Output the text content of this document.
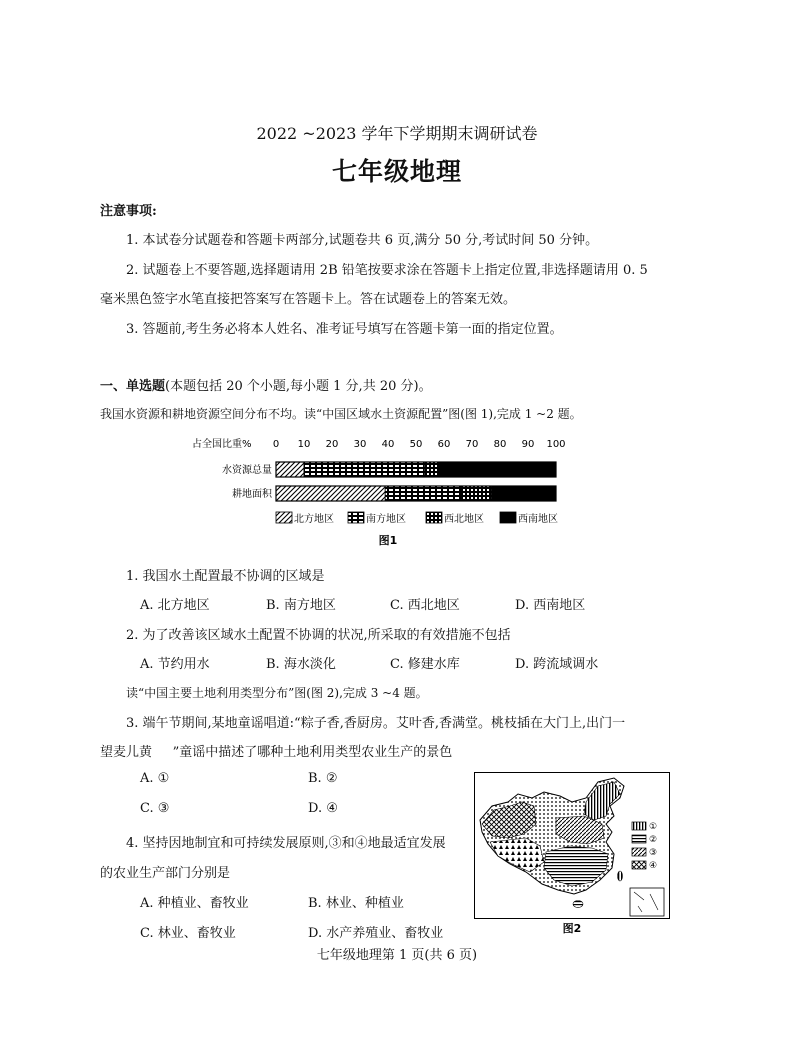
2022 ~2023 学年下学期期末调研试卷
七年级地理
注意事项:
1. 本试卷分试题卷和答题卡两部分,试题卷共 6 页,满分 50 分,考试时间 50 分钟。
2. 试题卷上不要答题,选择题请用 2B 铅笔按要求涂在答题卡上指定位置,非选择题请用 0. 5
毫米黑色签字水笔直接把答案写在答题卡上。答在试题卷上的答案无效。
3. 答题前,考生务必将本人姓名、准考证号填写在答题卡第一面的指定位置。
一、单选题(本题包括 20 个小题,每小题 1 分,共 20 分)。
我国水资源和耕地资源空间分布不均。读“中国区域水土资源配置”图(图 1),完成 1 ~2 题。
占全国比重% 0 10 20 30 40 50 60 70 80 90 100
水资源总量
耕地面积
北方地区	南方地区	西北地区	西南地区
图1
1. 我国水土配置最不协调的区域是
A. 北方地区	B. 南方地区	C. 西北地区	D. 西南地区
2. 为了改善该区域水土配置不协调的状况,所采取的有效措施不包括
A. 节约用水	B. 海水淡化	C. 修建水库	D. 跨流域调水
读“中国主要土地利用类型分布”图(图 2),完成 3 ~4 题。
3. 端午节期间,某地童谣唱道:“粽子香,香厨房。艾叶香,香满堂。桃枝插在大门上,出门一
望麦儿黄     ”童谣中描述了哪种土地利用类型农业生产的景色
A. ①	B. ②
C. ③	D. ④
4. 坚持因地制宜和可持续发展原则,③和④地最适宜发展
的农业生产部门分别是
A. 种植业、畜牧业	B. 林业、种植业
C. 林业、畜牧业	D. 水产养殖业、畜牧业
①
②
③
④
图2
七年级地理第 1 页(共 6 页)
